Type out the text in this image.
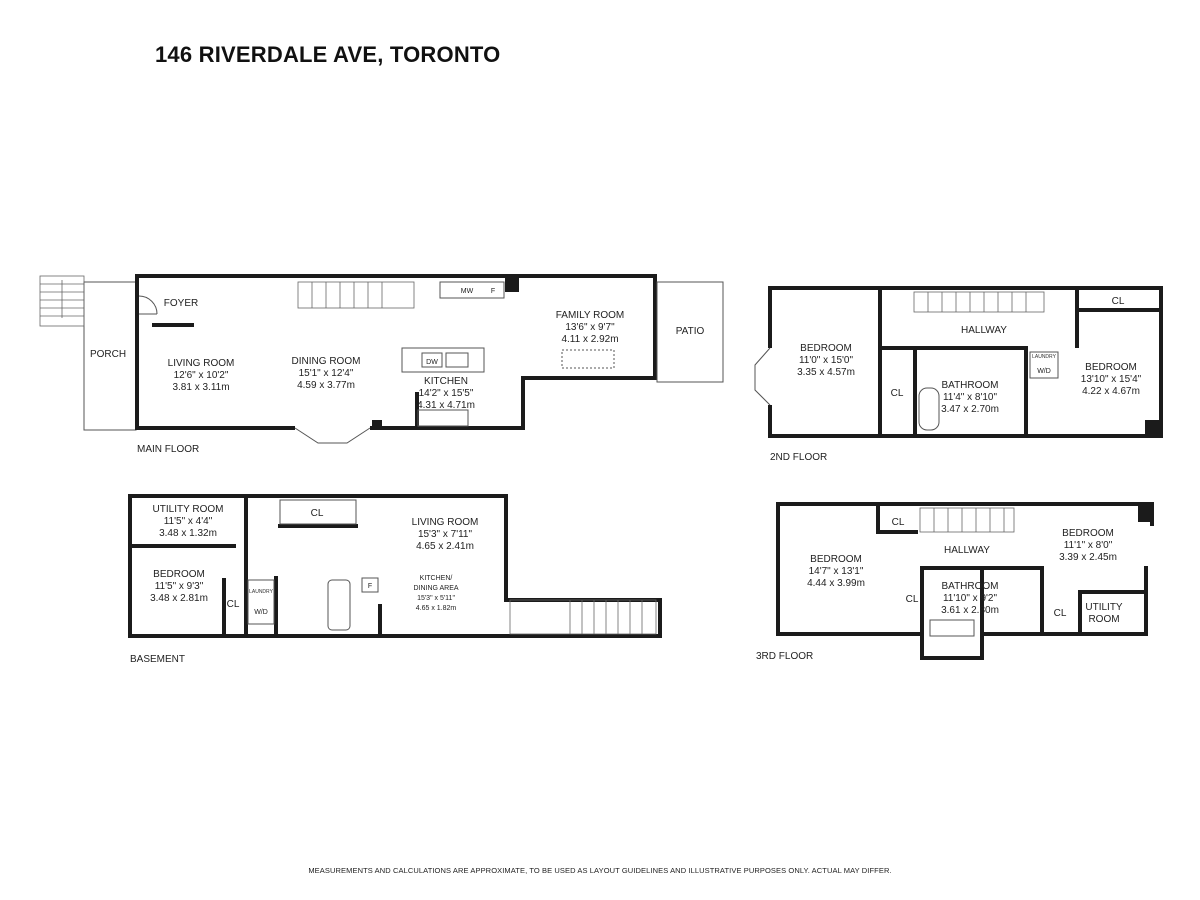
146 RIVERDALE AVE, TORONTO
PORCH
FOYER
LIVING ROOM
12'6" x 10'2"
3.81 x 3.11m
DINING ROOM
15'1" x 12'4"
4.59 x 3.77m	KITCHEN
14'2" x 15'5"
4.31 x 4.71m
FAMILY ROOM
13'6" x 9'7"
4.11 x 2.92m
PATIO
MW	F
DW
MAIN FLOOR
BEDROOM
11'0" x 15'0"
3.35 x 4.57m
HALLWAY
BATHROOM
11'4" x 8'10"
3.47 x 2.70m
BEDROOM
13'10" x 15'4"
4.22 x 4.67m
CL
CL
LAUNDRY
W/D
2ND FLOOR
UTILITY ROOM
11'5" x 4'4"
3.48 x 1.32m
BEDROOM
11'5" x 9'3"
3.48 x 2.81m
CL
CL
LIVING ROOM
15'3" x 7'11"
4.65 x 2.41m
KITCHEN/
DINING AREA
15'3" x 5'11"
4.65 x 1.82m
LAUNDRY
W/D
F
BASEMENT
BEDROOM
14'7" x 13'1"
4.44 x 3.99m
HALLWAY
BATHROOM
11'10" x 9'2"
3.61 x 2.80m
BEDROOM
11'1" x 8'0"
3.39 x 2.45m
CL
CL
CL
UTILITY
ROOM
3RD FLOOR
MEASUREMENTS AND CALCULATIONS ARE APPROXIMATE, TO BE USED AS LAYOUT GUIDELINES AND ILLUSTRATIVE PURPOSES ONLY. ACTUAL MAY DIFFER.
